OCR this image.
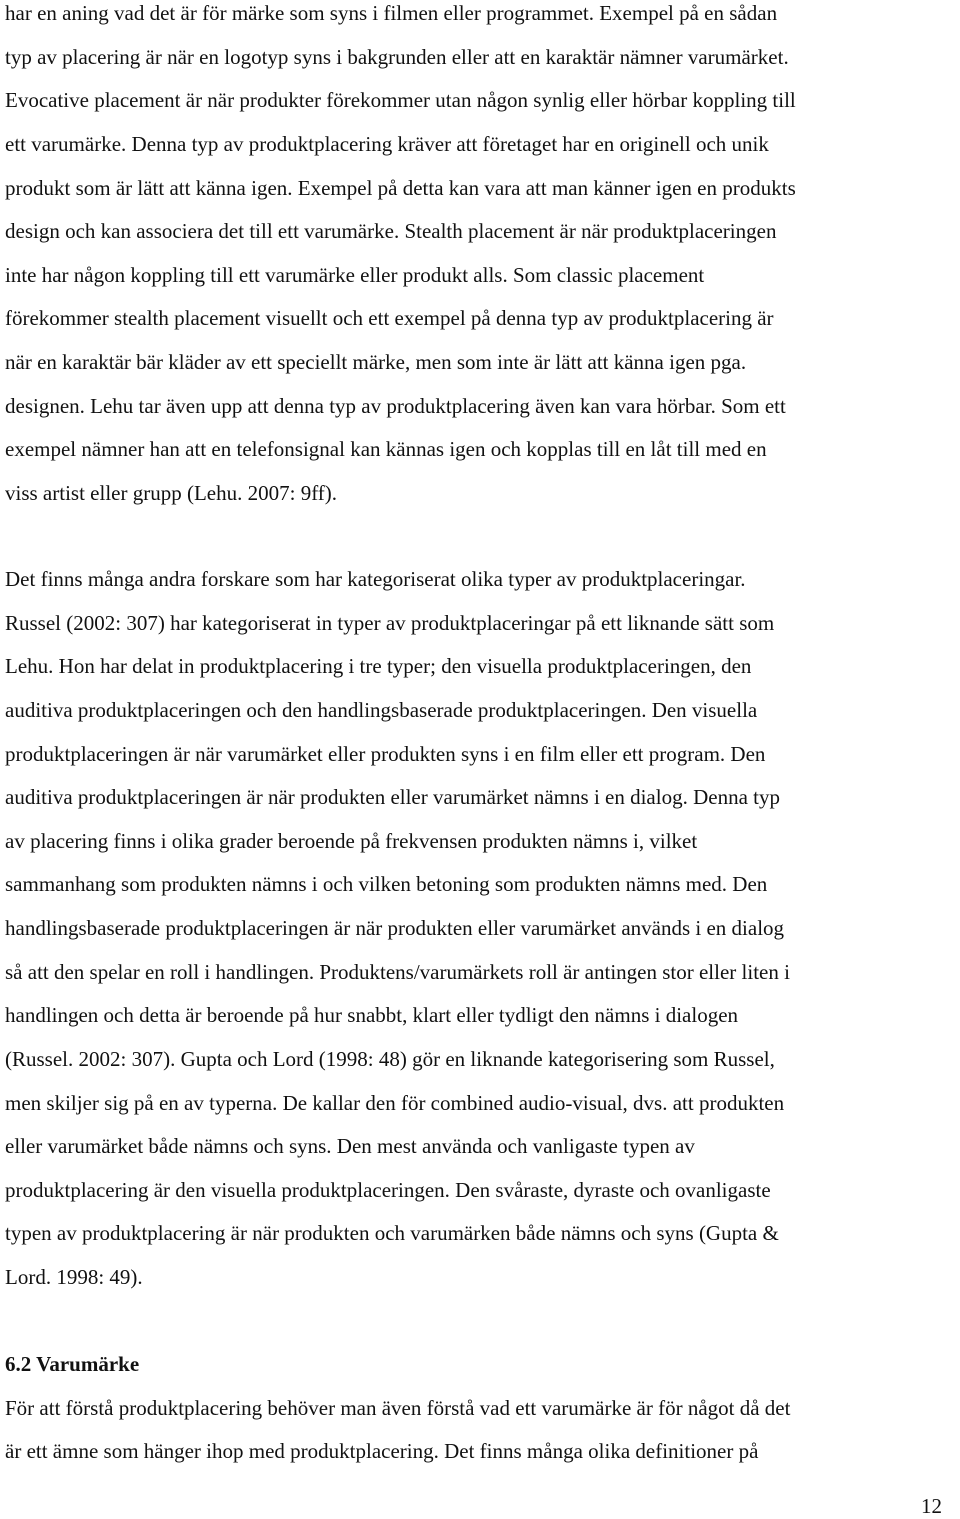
har en aning vad det är för märke som syns i filmen eller programmet. Exempel på en sådan
typ av placering är när en logotyp syns i bakgrunden eller att en karaktär nämner varumärket.
Evocative placement är när produkter förekommer utan någon synlig eller hörbar koppling till
ett varumärke. Denna typ av produktplacering kräver att företaget har en originell och unik
produkt som är lätt att känna igen. Exempel på detta kan vara att man känner igen en produkts
design och kan associera det till ett varumärke. Stealth placement är när produktplaceringen
inte har någon koppling till ett varumärke eller produkt alls. Som classic placement
förekommer stealth placement visuellt och ett exempel på denna typ av produktplacering är
när en karaktär bär kläder av ett speciellt märke, men som inte är lätt att känna igen pga.
designen. Lehu tar även upp att denna typ av produktplacering även kan vara hörbar. Som ett
exempel nämner han att en telefonsignal kan kännas igen och kopplas till en låt till med en
viss artist eller grupp (Lehu. 2007: 9ff).
Det finns många andra forskare som har kategoriserat olika typer av produktplaceringar.
Russel (2002: 307) har kategoriserat in typer av produktplaceringar på ett liknande sätt som
Lehu. Hon har delat in produktplacering i tre typer; den visuella produktplaceringen, den
auditiva produktplaceringen och den handlingsbaserade produktplaceringen. Den visuella
produktplaceringen är när varumärket eller produkten syns i en film eller ett program. Den
auditiva produktplaceringen är när produkten eller varumärket nämns i en dialog. Denna typ
av placering finns i olika grader beroende på frekvensen produkten nämns i, vilket
sammanhang som produkten nämns i och vilken betoning som produkten nämns med. Den
handlingsbaserade produktplaceringen är när produkten eller varumärket används i en dialog
så att den spelar en roll i handlingen. Produktens/varumärkets roll är antingen stor eller liten i
handlingen och detta är beroende på hur snabbt, klart eller tydligt den nämns i dialogen
(Russel. 2002: 307). Gupta och Lord (1998: 48) gör en liknande kategorisering som Russel,
men skiljer sig på en av typerna. De kallar den för combined audio-visual, dvs. att produkten
eller varumärket både nämns och syns. Den mest använda och vanligaste typen av
produktplacering är den visuella produktplaceringen. Den svåraste, dyraste och ovanligaste
typen av produktplacering är när produkten och varumärken både nämns och syns (Gupta &
Lord. 1998: 49).
6.2 Varumärke
För att förstå produktplacering behöver man även förstå vad ett varumärke är för något då det
är ett ämne som hänger ihop med produktplacering. Det finns många olika definitioner på
12
